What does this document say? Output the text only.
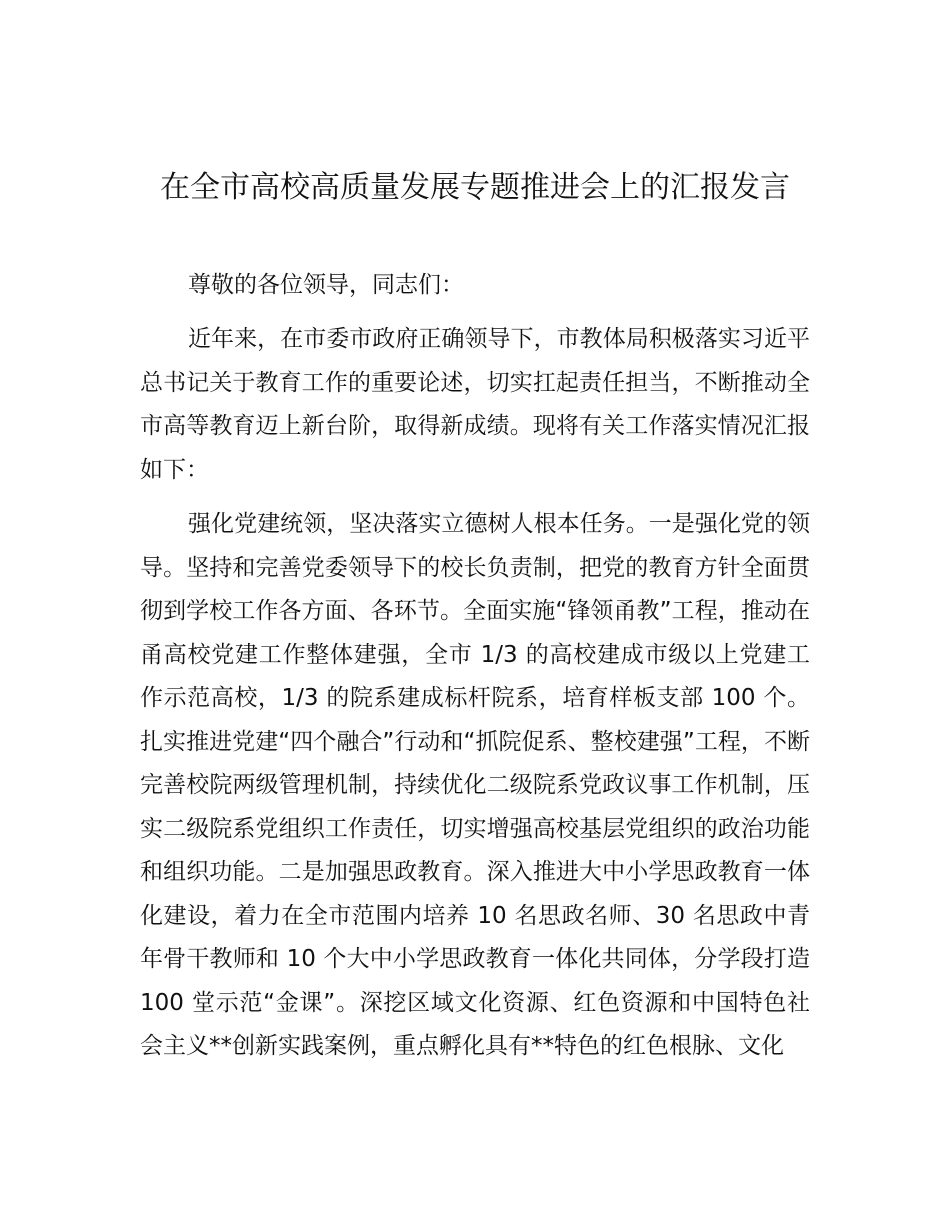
在全市高校高质量发展专题推进会上的汇报发言

尊敬的各位领导，同志们：

近年来，在市委市政府正确领导下，市教体局积极落实习近平总书记关于教育工作的重要论述，切实扛起责任担当，不断推动全市高等教育迈上新台阶，取得新成绩。现将有关工作落实情况汇报如下：

强化党建统领，坚决落实立德树人根本任务。一是强化党的领导。坚持和完善党委领导下的校长负责制，把党的教育方针全面贯彻到学校工作各方面、各环节。全面实施“锋领甬教”工程，推动在甬高校党建工作整体建强，全市 1/3 的高校建成市级以上党建工作示范高校，1/3 的院系建成标杆院系，培育样板支部 100 个。扎实推进党建“四个融合”行动和“抓院促系、整校建强”工程，不断完善校院两级管理机制，持续优化二级院系党政议事工作机制，压实二级院系党组织工作责任，切实增强高校基层党组织的政治功能和组织功能。二是加强思政教育。深入推进大中小学思政教育一体化建设，着力在全市范围内培养 10 名思政名师、30 名思政中青年骨干教师和 10 个大中小学思政教育一体化共同体，分学段打造 100 堂示范“金课”。深挖区域文化资源、红色资源和中国特色社会主义**创新实践案例，重点孵化具有**特色的红色根脉、文化
